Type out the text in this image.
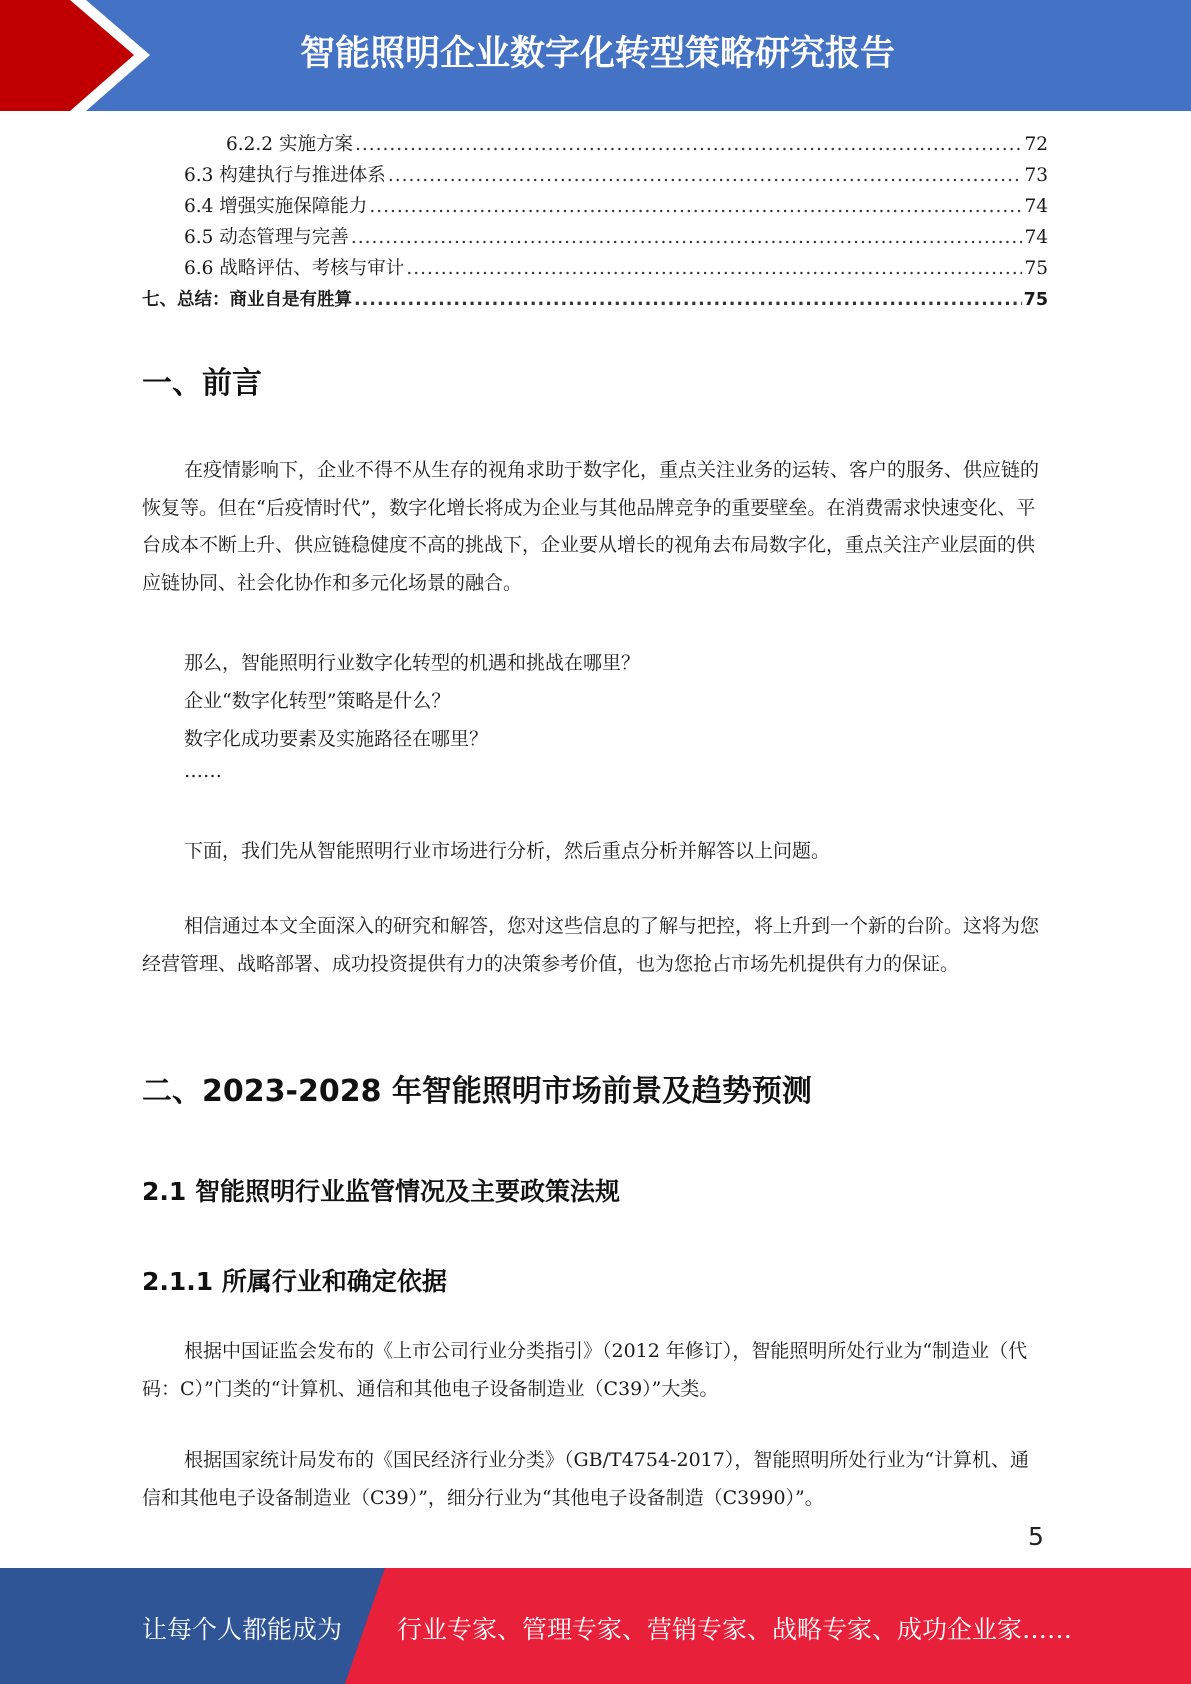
智能照明企业数字化转型策略研究报告
6.2.2 实施方案 .....	72
6.3 构建执行与推进体系 .....	73
6.4 增强实施保障能力 .....	74
6.5 动态管理与完善 .....	74
6.6 战略评估、考核与审计 .....	75
七、总结：商业自是有胜算 .....	75
一、前言
在疫情影响下，企业不得不从生存的视角求助于数字化，重点关注业务的运转、客户的服务、供应链的恢复等。但在“后疫情时代”，数字化增长将成为企业与其他品牌竞争的重要壁垒。在消费需求快速变化、平台成本不断上升、供应链稳健度不高的挑战下，企业要从增长的视角去布局数字化，重点关注产业层面的供应链协同、社会化协作和多元化场景的融合。
那么，智能照明行业数字化转型的机遇和挑战在哪里？
企业“数字化转型”策略是什么？
数字化成功要素及实施路径在哪里？
……
下面，我们先从智能照明行业市场进行分析，然后重点分析并解答以上问题。
相信通过本文全面深入的研究和解答，您对这些信息的了解与把控，将上升到一个新的台阶。这将为您经营管理、战略部署、成功投资提供有力的决策参考价值，也为您抢占市场先机提供有力的保证。
二、2023-2028 年智能照明市场前景及趋势预测
2.1 智能照明行业监管情况及主要政策法规
2.1.1 所属行业和确定依据
根据中国证监会发布的《上市公司行业分类指引》（2012 年修订），智能照明所处行业为“制造业（代码：C）”门类的“计算机、通信和其他电子设备制造业（C39）”大类。
根据国家统计局发布的《国民经济行业分类》（GB/T4754-2017），智能照明所处行业为“计算机、通信和其他电子设备制造业（C39）”，细分行业为“其他电子设备制造（C3990）”。
5
让每个人都能成为 行业专家、管理专家、营销专家、战略专家、成功企业家……
